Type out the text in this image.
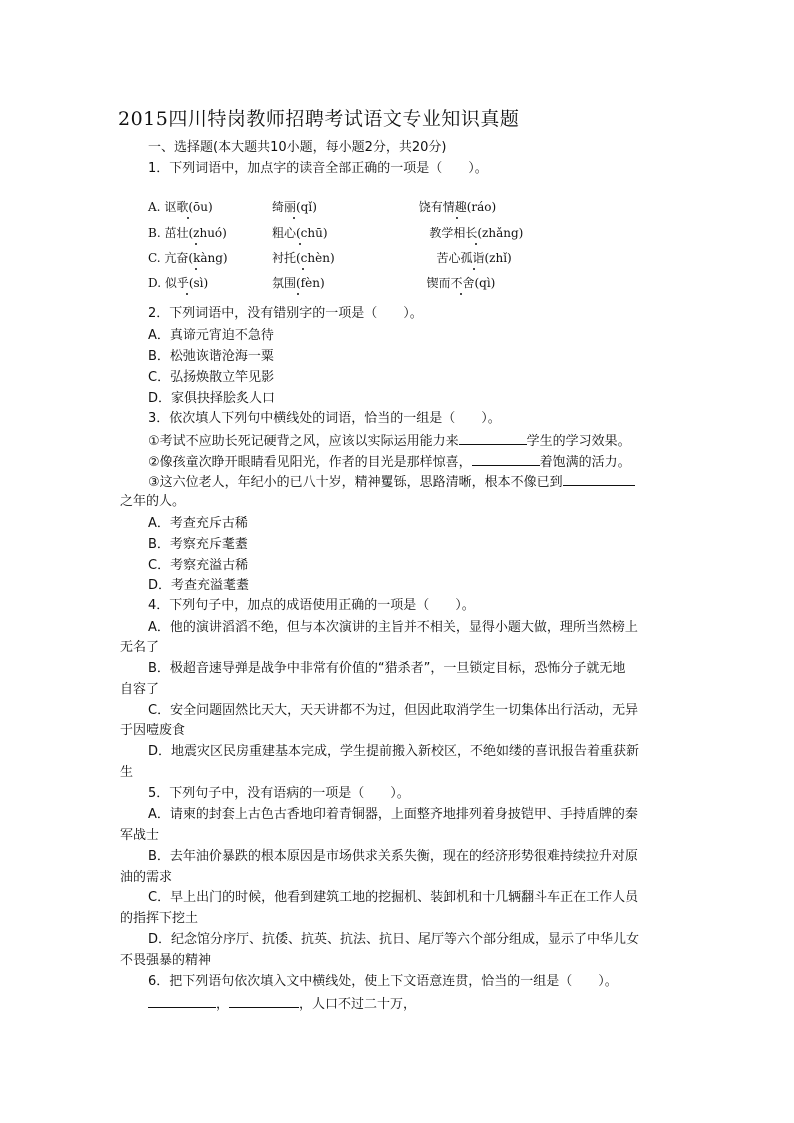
2015四川特岗教师招聘考试语文专业知识真题
一、选择题(本大题共10小题，每小题2分，共20分)
1．下列词语中，加点字的读音全部正确的一项是（　　）。
A. 讴歌(ōu)	绮丽(qǐ)	饶有情趣(ráo)
B. 茁壮(zhuó)	粗心(chū)	教学相长(zhǎng)
C. 亢奋(kàng)	衬托(chèn)	苦心孤诣(zhǐ)
D. 似乎(sì)	氛围(fèn)	锲而不舍(qì)
2．下列词语中，没有错别字的一项是（　　）。
A．真谛元宵迫不急待
B．松弛诙谐沧海一粟
C．弘扬焕散立竿见影
D．家俱抉择脍炙人口
3．依次填人下列句中横线处的词语，恰当的一组是（　　）。
①考试不应助长死记硬背之风，应该以实际运用能力来	学生的学习效果。
②像孩童次睁开眼睛看见阳光，作者的目光是那样惊喜，	着饱满的活力。
③这六位老人，年纪小的已八十岁，精神矍铄，思路清晰，根本不像已到
之年的人。
A．考查充斥古稀
B．考察充斥耄耋
C．考察充溢古稀
D．考查充溢耄耋
4．下列句子中，加点的成语使用正确的一项是（　　）。
A．他的演讲滔滔不绝，但与本次演讲的主旨并不相关，显得小题大做，理所当然榜上
无名了
B．极超音速导弹是战争中非常有价值的“猎杀者”，一旦锁定目标，恐怖分子就无地
自容了
C．安全问题固然比天大，天天讲都不为过，但因此取消学生一切集体出行活动，无异
于因噎废食
D．地震灾区民房重建基本完成，学生提前搬入新校区，不绝如缕的喜讯报告着重获新
生
5．下列句子中，没有语病的一项是（　　）。
A．请柬的封套上古色古香地印着青铜器，上面整齐地排列着身披铠甲、手持盾牌的秦
军战士
B．去年油价暴跌的根本原因是市场供求关系失衡，现在的经济形势很难持续拉升对原
油的需求
C．早上出门的时候，他看到建筑工地的挖掘机、装卸机和十几辆翻斗车正在工作人员
的指挥下挖土
D．纪念馆分序厅、抗倭、抗英、抗法、抗日、尾厅等六个部分组成，显示了中华儿女
不畏强暴的精神
6．把下列语句依次填入文中横线处，使上下文语意连贯，恰当的一组是（　　）。
，	，人口不过二十万，
